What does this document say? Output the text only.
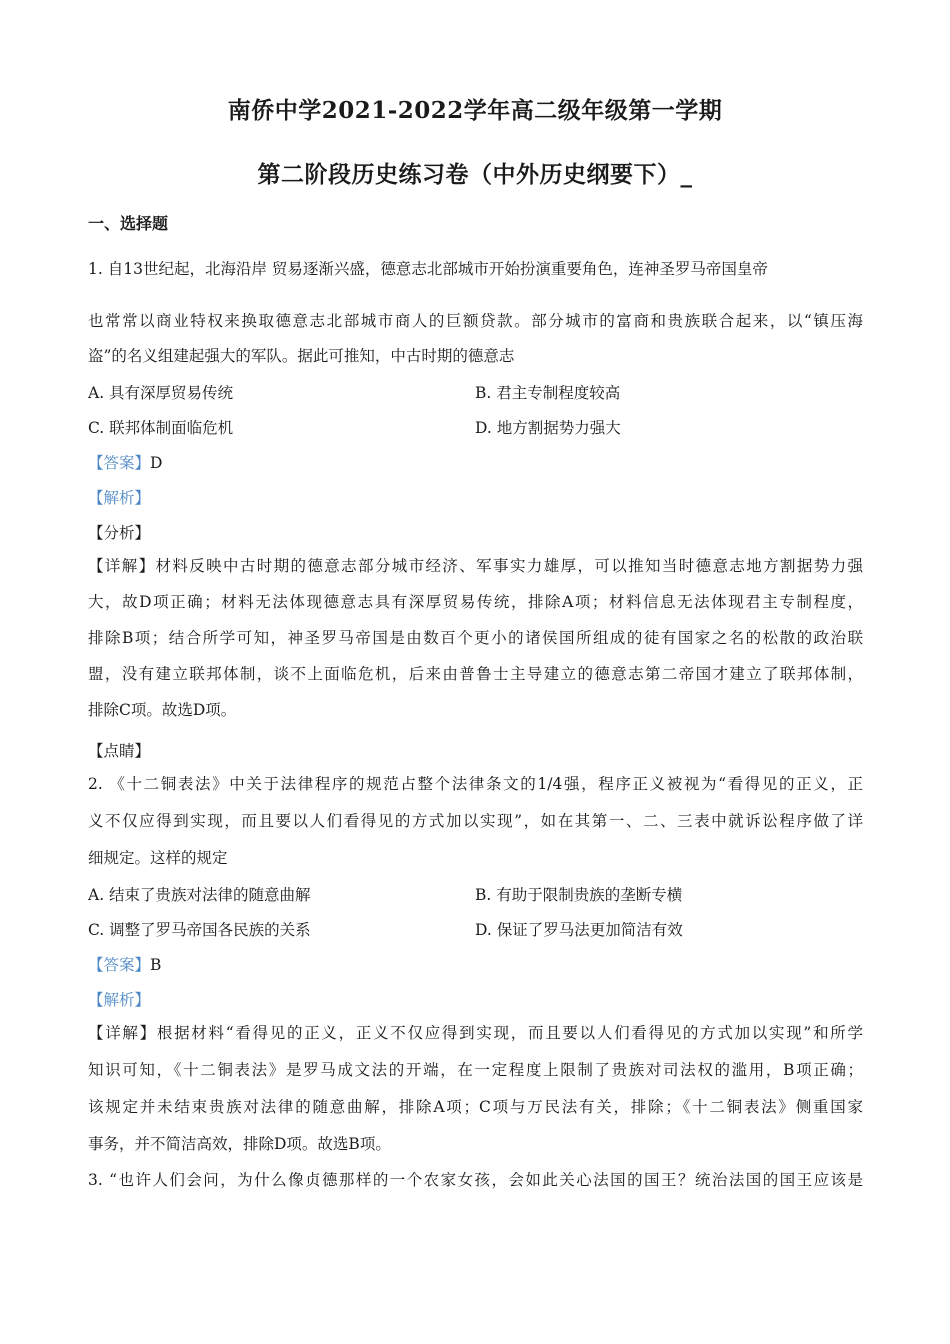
南侨中学2021-2022学年高二级年级第一学期
第二阶段历史练习卷（中外历史纲要下）_
一、选择题
1. 自13世纪起，北海沿岸 贸易逐渐兴盛，德意志北部城市开始扮演重要角色，连神圣罗马帝国皇帝
也常常以商业特权来换取德意志北部城市商人的巨额贷款。部分城市的富商和贵族联合起来，以“镇压海
盗”的名义组建起强大的军队。据此可推知，中古时期的德意志
A. 具有深厚贸易传统	B. 君主专制程度较高
C. 联邦体制面临危机	D. 地方割据势力强大
【答案】D
【解析】
【分析】
【详解】材料反映中古时期的德意志部分城市经济、军事实力雄厚，可以推知当时德意志地方割据势力强
大，故D项正确；材料无法体现德意志具有深厚贸易传统，排除A项；材料信息无法体现君主专制程度，
排除B项；结合所学可知，神圣罗马帝国是由数百个更小的诸侯国所组成的徒有国家之名的松散的政治联
盟，没有建立联邦体制，谈不上面临危机，后来由普鲁士主导建立的德意志第二帝国才建立了联邦体制，
排除C项。故选D项。
【点睛】
2. 《十二铜表法》中关于法律程序的规范占整个法律条文的1/4强，程序正义被视为“看得见的正义，正
义不仅应得到实现，而且要以人们看得见的方式加以实现”，如在其第一、二、三表中就诉讼程序做了详
细规定。这样的规定
A. 结束了贵族对法律的随意曲解	B. 有助于限制贵族的垄断专横
C. 调整了罗马帝国各民族的关系	D. 保证了罗马法更加简洁有效
【答案】B
【解析】
【详解】根据材料“看得见的正义，正义不仅应得到实现，而且要以人们看得见的方式加以实现”和所学
知识可知，《十二铜表法》是罗马成文法的开端，在一定程度上限制了贵族对司法权的滥用，B项正确；
该规定并未结束贵族对法律的随意曲解，排除A项；C项与万民法有关，排除；《十二铜表法》侧重国家
事务，并不简洁高效，排除D项。故选B项。
3. “也许人们会问，为什么像贞德那样的一个农家女孩，会如此关心法国的国王？统治法国的国王应该是
